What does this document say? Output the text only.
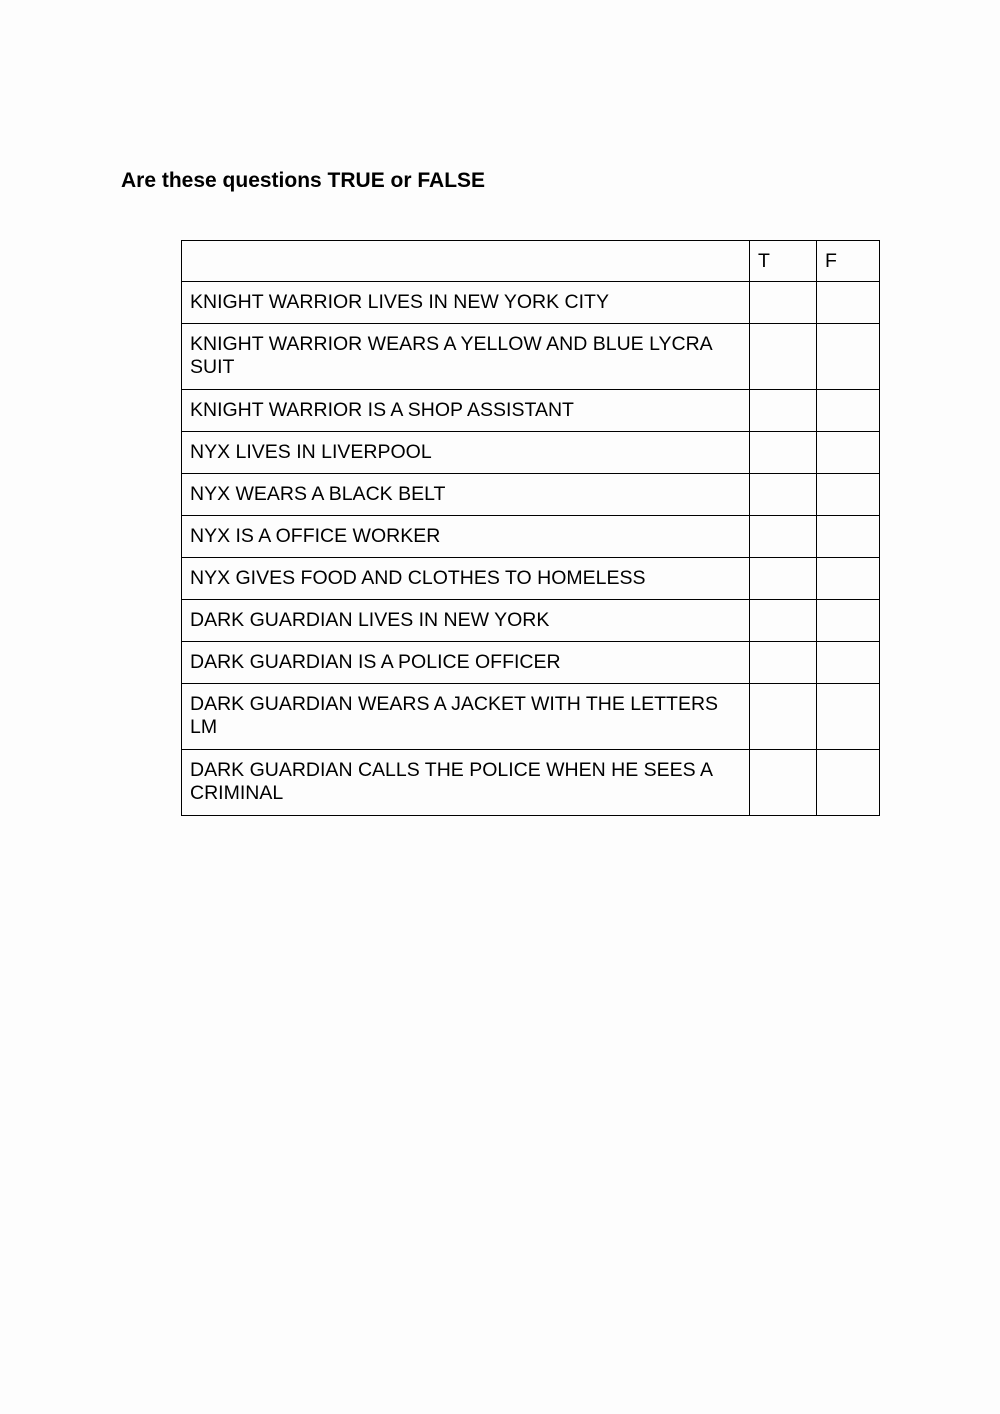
Are these questions TRUE or FALSE
	T	F
KNIGHT WARRIOR LIVES IN NEW YORK CITY		
KNIGHT WARRIOR WEARS A YELLOW AND BLUE LYCRA SUIT		
KNIGHT WARRIOR IS A SHOP ASSISTANT		
NYX LIVES IN LIVERPOOL		
NYX WEARS A BLACK BELT		
NYX IS A OFFICE WORKER		
NYX GIVES FOOD AND CLOTHES TO HOMELESS		
DARK GUARDIAN LIVES IN NEW YORK		
DARK GUARDIAN IS A POLICE OFFICER		
DARK GUARDIAN WEARS A JACKET WITH THE LETTERS LM		
DARK GUARDIAN CALLS THE POLICE WHEN HE SEES A CRIMINAL		
